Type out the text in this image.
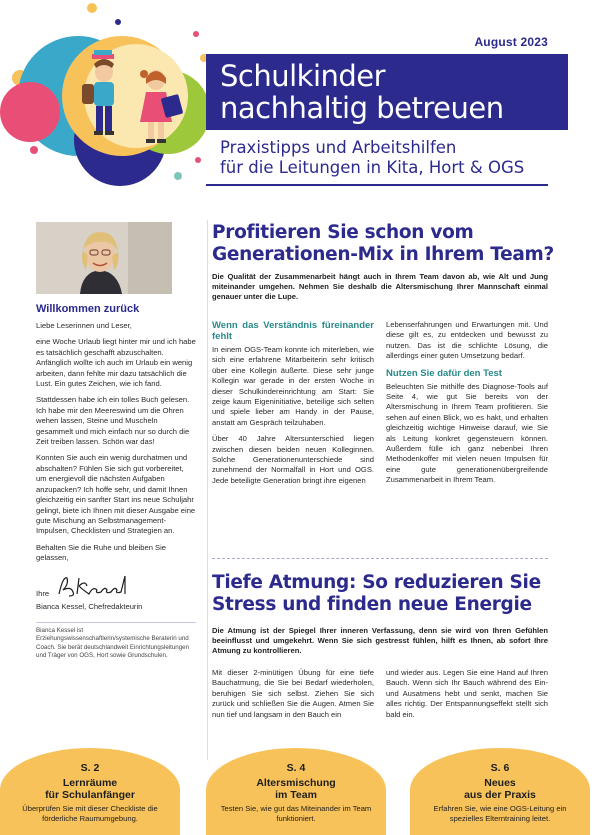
August 2023
Schulkinder
nachhaltig betreuen
Praxistipps und Arbeitshilfen
für die Leitungen in Kita, Hort & OGS
Willkommen zurück

Liebe Leserinnen und Leser,

eine Woche Urlaub liegt hinter mir und ich habe es tatsächlich geschafft abzuschalten. Anfänglich wollte ich auch im Urlaub ein wenig arbeiten, dann fehlte mir dazu tatsächlich die Lust. Ein gutes Zeichen, wie ich fand.

Stattdessen habe ich ein tolles Buch gelesen. Ich habe mir den Meereswind um die Ohren wehen lassen, Steine und Muscheln gesammelt und mich einfach nur so durch die Zeit treiben lassen. Schön war das!

Konnten Sie auch ein wenig durchatmen und abschalten? Fühlen Sie sich gut vorbereitet, um energievoll die nächsten Aufgaben anzupacken? Ich hoffe sehr, und damit Ihnen gleichzeitig ein sanfter Start ins neue Schuljahr gelingt, biete ich Ihnen mit dieser Ausgabe eine gute Mischung an Selbstmanagement-Impulsen, Checklisten und Strategien an.

Behalten Sie die Ruhe und bleiben Sie gelassen,

Ihre
Bianca Kessel, Chefredakteurin
Bianca Kessel ist Erziehungswissenschaftlerin/systemische Beraterin und Coach. Sie berät deutschlandweit Einrichtungsleitungen und Träger von OGS, Hort sowie Grundschulen.
Profitieren Sie schon vom
Generationen-Mix in Ihrem Team?
Die Qualität der Zusammenarbeit hängt auch in Ihrem Team davon ab, wie Alt und Jung miteinander umgehen. Nehmen Sie deshalb die Altersmischung Ihrer Mannschaft einmal genauer unter die Lupe.
Wenn das Verständnis füreinander fehlt

In einem OGS-Team konnte ich miterleben, wie sich eine erfahrene Mitarbeiterin sehr kritisch über eine Kollegin äußerte. Diese sehr junge Kollegin war gerade in der ersten Woche in dieser Schulkindereinrichtung am Start: Sie zeige kaum Eigeninitiative, beteilige sich selten und spiele lieber am Handy in der Pause, anstatt am Gespräch teilzuhaben.

Über 40 Jahre Altersunterschied liegen zwischen diesen beiden neuen Kolleginnen. Solche Generationenunterschiede sind zunehmend der Normalfall in Hort und OGS. Jede beteiligte Generation bringt ihre eigenen

Lebenserfahrungen und Erwartungen mit. Und diese gilt es, zu entdecken und bewusst zu nutzen. Das ist die schlichte Lösung, die allerdings einer guten Umsetzung bedarf.

Nutzen Sie dafür den Test

Beleuchten Sie mithilfe des Diagnose-Tools auf Seite 4, wie gut Sie bereits von der Altersmischung in Ihrem Team profitieren. Sie sehen auf einen Blick, wo es hakt, und erhalten gleichzeitig wichtige Hinweise darauf, wie Sie als Leitung konkret gegensteuern können. Außerdem fülle ich ganz nebenbei Ihren Methodenkoffer mit vielen neuen Impulsen für eine gute generationenübergreifende Zusammenarbeit in Ihrem Team.

Tiefe Atmung: So reduzieren Sie
Stress und finden neue Energie
Die Atmung ist der Spiegel Ihrer inneren Verfassung, denn sie wird von Ihren Gefühlen beeinflusst und umgekehrt. Wenn Sie sich gestresst fühlen, hilft es Ihnen, ab sofort Ihre Atmung zu kontrollieren.

Mit dieser 2-minütigen Übung für eine tiefe Bauchatmung, die Sie bei Bedarf wiederholen, beruhigen Sie sich selbst. Ziehen Sie sich zurück und schließen Sie die Augen. Atmen Sie nun tief und langsam in den Bauch ein

und wieder aus. Legen Sie eine Hand auf Ihren Bauch. Wenn sich Ihr Bauch während des Ein- und Ausatmens hebt und senkt, machen Sie alles richtig. Der Entspannungseffekt stellt sich bald ein.

S. 2
Lernräume
für Schulanfänger
Überprüfen Sie mit dieser Checkliste die förderliche Raumumgebung.
S. 4
Altersmischung
im Team
Testen Sie, wie gut das Miteinander im Team funktioniert.
S. 6
Neues
aus der Praxis
Erfahren Sie, wie eine OGS-Leitung ein spezielles Elterntraining leitet.
